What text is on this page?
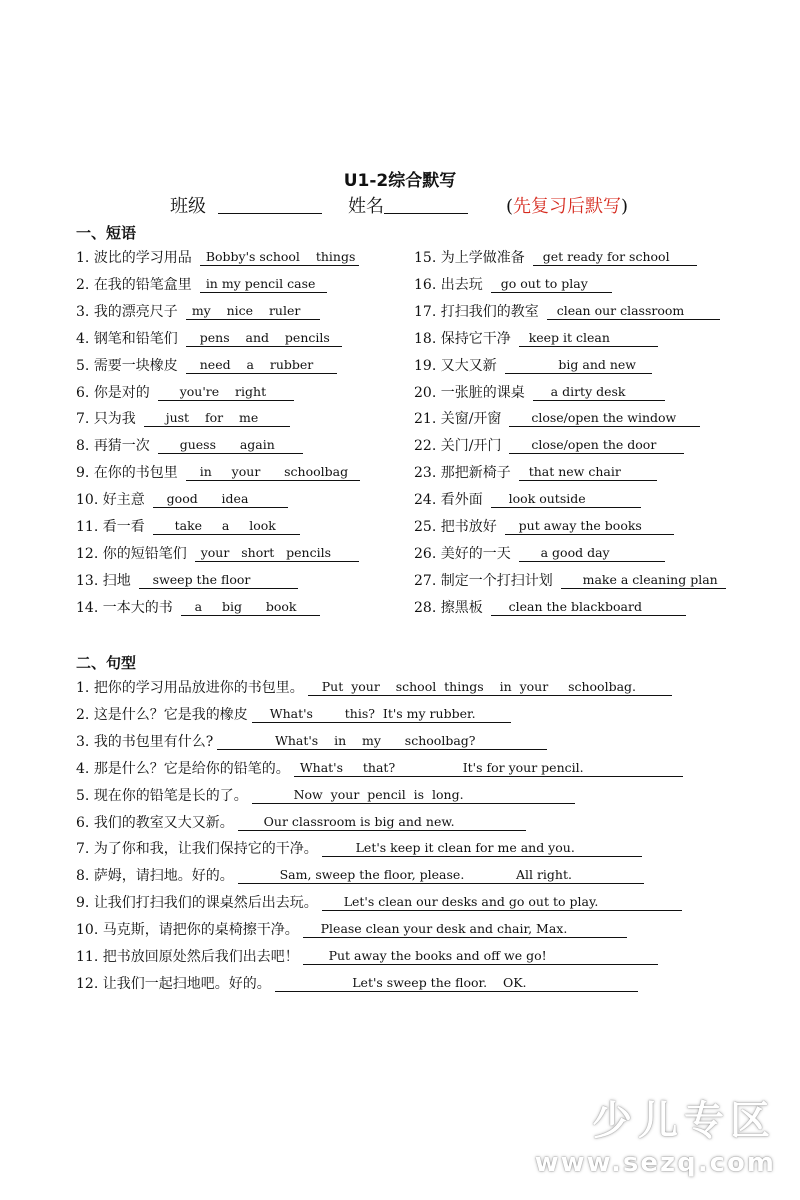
U1-2综合默写
班级	姓名	(先复习后默写)
一、短语
1. 波比的学习用品 Bobby's school    things
2. 在我的铅笔盒里 in my pencil case
3. 我的漂亮尺子 my    nice    ruler
4. 钢笔和铅笔们  pens    and    pencils
5. 需要一块橡皮  need    a    rubber
6. 你是对的    you're    right
7. 只为我    just    for    me
8. 再猜一次    guess      again
9. 在你的书包里  in     your      schoolbag
10. 好主意  good      idea
11. 看一看    take     a     look
12. 你的短铅笔们 your   short   pencils
13. 扫地  sweep the floor
14. 一本大的书  a     big      book
15. 为上学做准备 get ready for school
16. 出去玩 go out to play
17. 打扫我们的教室 clean our classroom
18. 保持它干净 keep it clean
19. 又大又新            big and new
20. 一张脏的课桌   a dirty desk
21. 关窗/开窗    close/open the window
22. 关门/开门    close/open the door
23. 那把新椅子 that new chair
24. 看外面   look outside
25. 把书放好  put away the books
26. 美好的一天    a good day
27. 制定一个打扫计划    make a cleaning plan
28. 擦黑板   clean the blackboard
二、句型
1. 把你的学习用品放进你的书包里。  Put  your    school  things    in  your     schoolbag.
2. 这是什么？它是我的橡皮   What's        this?  It's my rubber.
3. 我的书包里有什么?             What's    in    my      schoolbag?
4. 那是什么？它是给你的铅笔的。 What's     that?                 It's for your pencil.
5. 现在你的铅笔是长的了。         Now  your  pencil  is  long.
6. 我们的教室又大又新。     Our classroom is big and new.
7. 为了你和我，让我们保持它的干净。       Let's keep it clean for me and you.
8. 萨姆，请扫地。好的。         Sam, sweep the floor, please.             All right.
9. 让我们打扫我们的课桌然后出去玩。    Let's clean our desks and go out to play.
10. 马克斯，请把你的桌椅擦干净。   Please clean your desk and chair, Max.
11. 把书放回原处然后我们出去吧！     Put away the books and off we go!
12. 让我们一起扫地吧。好的。                  Let's sweep the floor.    OK.
少儿专区
www.sezq.com
